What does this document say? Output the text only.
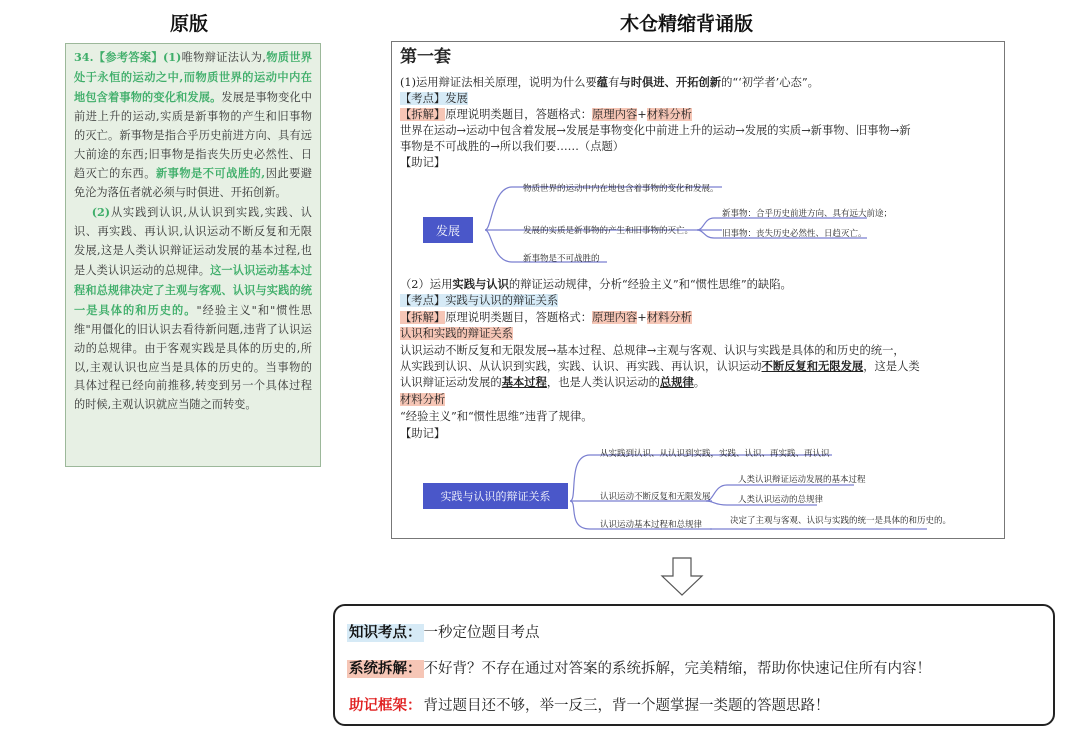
原版	木仓精缩背诵版
34.【参考答案】(1)唯物辩证法认为,物质世界处于永恒的运动之中,而物质世界的运动中内在地包含着事物的变化和发展。发展是事物变化中前进上升的运动,实质是新事物的产生和旧事物的灭亡。新事物是指合乎历史前进方向、具有远大前途的东西;旧事物是指丧失历史必然性、日趋灭亡的东西。新事物是不可战胜的,因此要避免沦为落伍者就必须与时俱进、开拓创新。
(2)从实践到认识,从认识到实践,实践、认识、再实践、再认识,认识运动不断反复和无限发展,这是人类认识辩证运动发展的基本过程,也是人类认识运动的总规律。这一认识运动基本过程和总规律决定了主观与客观、认识与实践的统一是具体的和历史的。"经验主义"和"惯性思维"用僵化的旧认识去看待新问题,违背了认识运动的总规律。由于客观实践是具体的历史的,所以,主观认识也应当是具体的历史的。当事物的具体过程已经向前推移,转变到另一个具体过程的时候,主观认识就应当随之而转变。
第一套
(1)运用辩证法相关原理，说明为什么要蕴有与时俱进、开拓创新的“‘初学者’心态”。
【考点】发展
【拆解】原理说明类题目，答题格式：原理内容+材料分析
世界在运动→运动中包含着发展→发展是事物变化中前进上升的运动→发展的实质→新事物、旧事物→新
事物是不可战胜的→所以我们要……（点题）
【助记】
发展
物质世界的运动中内在地包含着事物的变化和发展。
发展的实质是新事物的产生和旧事物的灭亡。
新事物：合乎历史前进方向、具有远大前途；
旧事物：丧失历史必然性、日趋灭亡。
新事物是不可战胜的
（2）运用实践与认识的辩证运动规律，分析“经验主义”和“惯性思维”的缺陷。
【考点】实践与认识的辩证关系
【拆解】原理说明类题目，答题格式：原理内容+材料分析
认识和实践的辩证关系
认识运动不断反复和无限发展→基本过程、总规律→主观与客观、认识与实践是具体的和历史的统一，
从实践到认识、从认识到实践，实践、认识、再实践、再认识，认识运动不断反复和无限发展，这是人类
认识辩证运动发展的基本过程，也是人类认识运动的总规律。
材料分析
“经验主义”和“惯性思维”违背了规律。
【助记】
实践与认识的辩证关系
从实践到认识、从认识到实践，实践、认识、再实践、再认识
认识运动不断反复和无限发展
人类认识辩证运动发展的基本过程
人类认识运动的总规律
认识运动基本过程和总规律	决定了主观与客观、认识与实践的统一是具体的和历史的。
知识考点： 一秒定位题目考点
系统拆解： 不好背？不存在通过对答案的系统拆解，完美精缩，帮助你快速记住所有内容！
助记框架： 背过题目还不够，举一反三，背一个题掌握一类题的答题思路！
